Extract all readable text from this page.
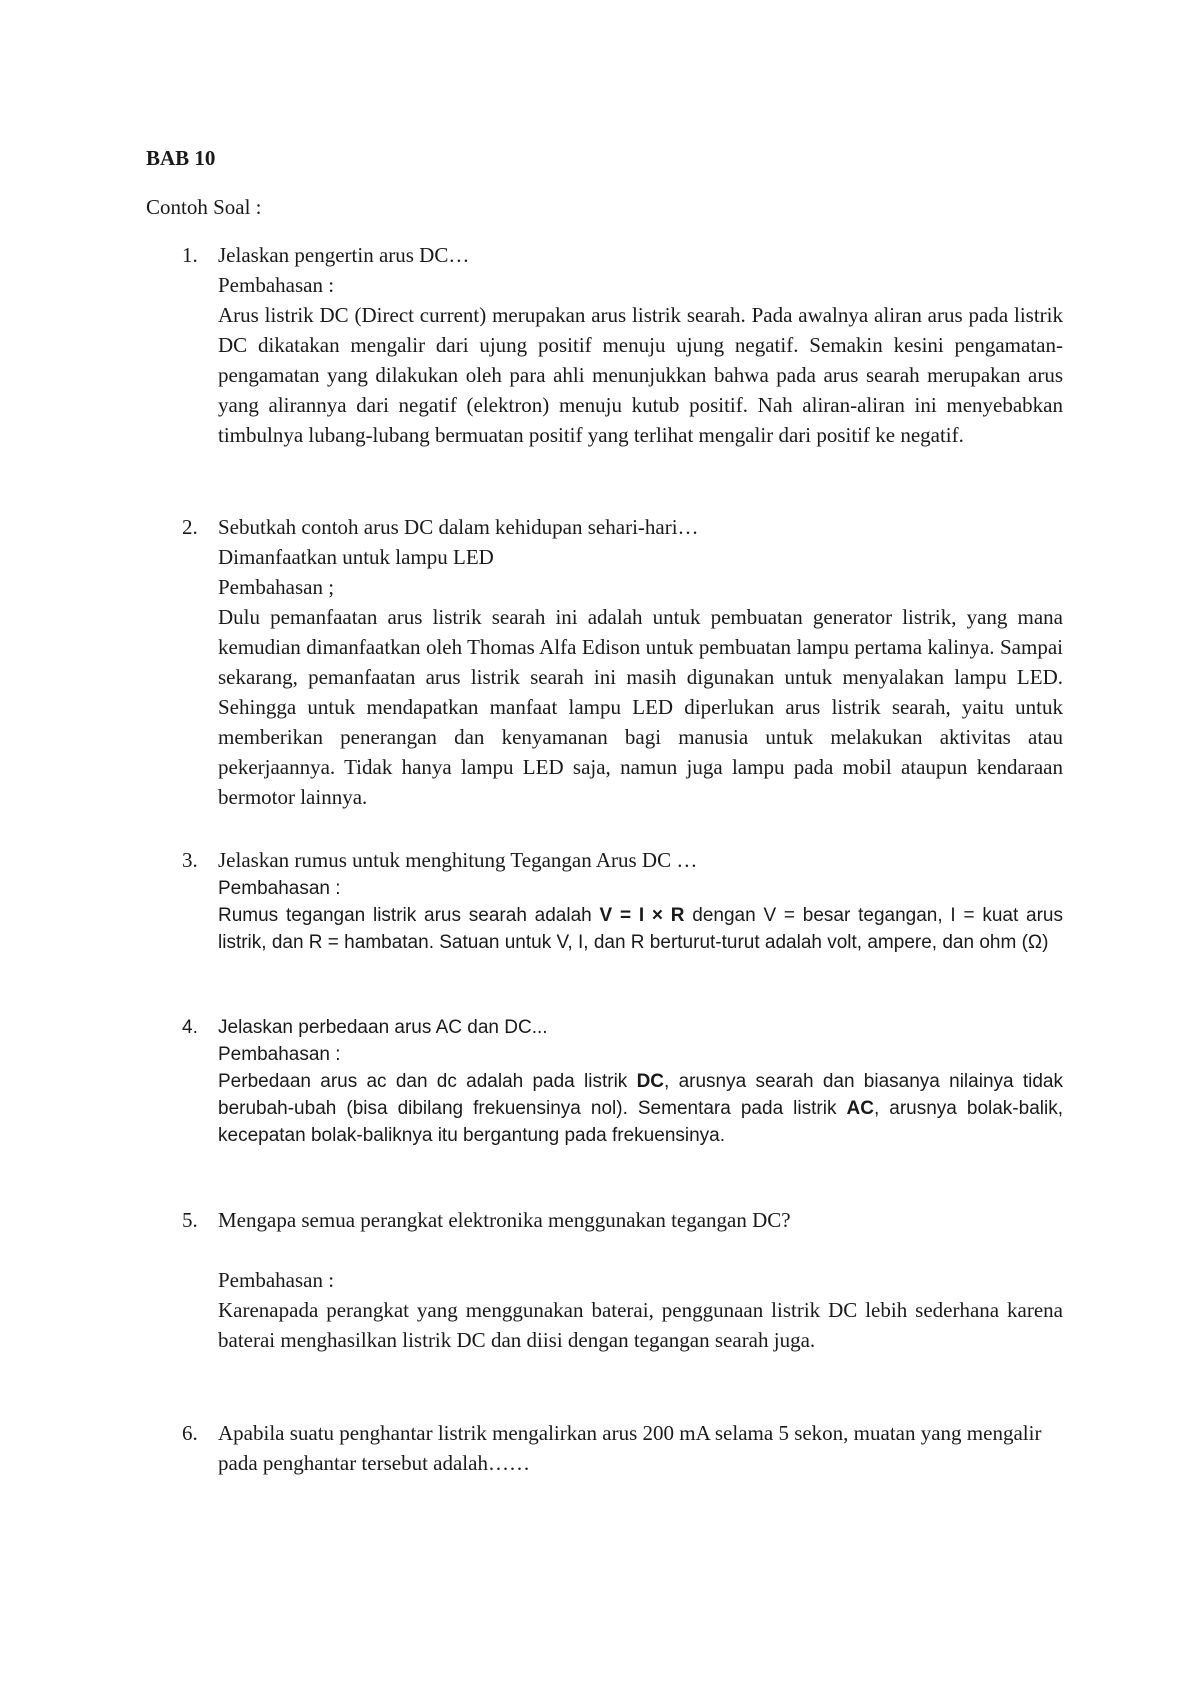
BAB 10
Contoh Soal :
1. Jelaskan pengertin arus DC…
Pembahasan :
Arus listrik DC (Direct current) merupakan arus listrik searah. Pada awalnya aliran arus pada listrik DC dikatakan mengalir dari ujung positif menuju ujung negatif. Semakin kesini pengamatan-pengamatan yang dilakukan oleh para ahli menunjukkan bahwa pada arus searah merupakan arus yang alirannya dari negatif (elektron) menuju kutub positif. Nah aliran-aliran ini menyebabkan timbulnya lubang-lubang bermuatan positif yang terlihat mengalir dari positif ke negatif.
2. Sebutkah contoh arus DC dalam kehidupan sehari-hari…
Dimanfaatkan untuk lampu LED
Pembahasan ;
Dulu pemanfaatan arus listrik searah ini adalah untuk pembuatan generator listrik, yang mana kemudian dimanfaatkan oleh Thomas Alfa Edison untuk pembuatan lampu pertama kalinya. Sampai sekarang, pemanfaatan arus listrik searah ini masih digunakan untuk menyalakan lampu LED. Sehingga untuk mendapatkan manfaat lampu LED diperlukan arus listrik searah, yaitu untuk memberikan penerangan dan kenyamanan bagi manusia untuk melakukan aktivitas atau pekerjaannya. Tidak hanya lampu LED saja, namun juga lampu pada mobil ataupun kendaraan bermotor lainnya.
3. Jelaskan rumus untuk menghitung Tegangan Arus DC …
Pembahasan :
Rumus tegangan listrik arus searah adalah V = I × R dengan V = besar tegangan, I = kuat arus listrik, dan R = hambatan. Satuan untuk V, I, dan R berturut-turut adalah volt, ampere, dan ohm (Ω)
4. Jelaskan perbedaan arus AC dan DC...
Pembahasan :
Perbedaan arus ac dan dc adalah pada listrik DC, arusnya searah dan biasanya nilainya tidak berubah-ubah (bisa dibilang frekuensinya nol). Sementara pada listrik AC, arusnya bolak-balik, kecepatan bolak-baliknya itu bergantung pada frekuensinya.
5. Mengapa semua perangkat elektronika menggunakan tegangan DC?
Pembahasan :
Karenapada perangkat yang menggunakan baterai, penggunaan listrik DC lebih sederhana karena baterai menghasilkan listrik DC dan diisi dengan tegangan searah juga.
6. Apabila suatu penghantar listrik mengalirkan arus 200 mA selama 5 sekon, muatan yang mengalir pada penghantar tersebut adalah……
